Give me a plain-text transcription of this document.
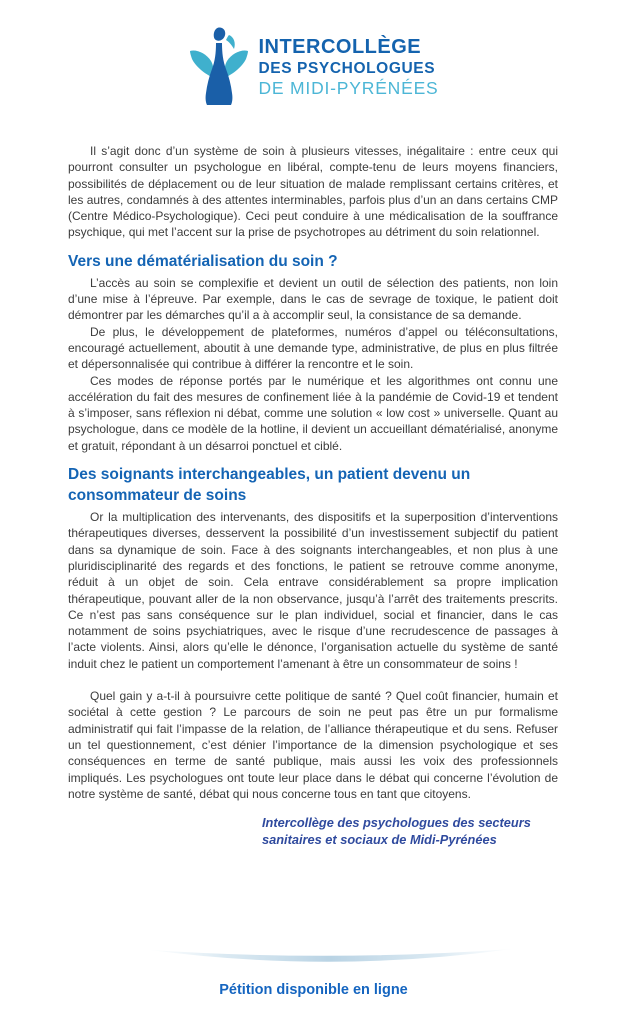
INTERCOLLÈGE
DES PSYCHOLOGUES
DE MIDI-PYRÉNÉES

Il s’agit donc d’un système de soin à plusieurs vitesses, inégalitaire : entre ceux qui pourront consulter un psychologue en libéral, compte-tenu de leurs moyens financiers, possibilités de déplacement ou de leur situation de malade remplissant certains critères, et les autres, condamnés à des attentes interminables, parfois plus d’un an dans certains CMP (Centre Médico-Psychologique). Ceci peut conduire à une médicalisation de la souffrance psychique, qui met l’accent sur la prise de psychotropes au détriment du soin relationnel.

Vers une dématérialisation du soin ?

L’accès au soin se complexifie et devient un outil de sélection des patients, non loin d’une mise à l’épreuve. Par exemple, dans le cas de sevrage de toxique, le patient doit démontrer par les démarches qu’il a à accomplir seul, la consistance de sa demande.

De plus, le développement de plateformes, numéros d’appel ou téléconsultations, encouragé actuellement, aboutit à une demande type, administrative, de plus en plus filtrée et dépersonnalisée qui contribue à différer la rencontre et le soin.

Ces modes de réponse portés par le numérique et les algorithmes ont connu une accélération du fait des mesures de confinement liée à la pandémie de Covid-19 et tendent à s’imposer, sans réflexion ni débat, comme une solution « low cost » universelle. Quant au psychologue, dans ce modèle de la hotline, il devient un accueillant dématérialisé, anonyme et gratuit, répondant à un désarroi ponctuel et ciblé.

Des soignants interchangeables, un patient devenu un consommateur de soins

Or la multiplication des intervenants, des dispositifs et la superposition d’interventions thérapeutiques diverses, desservent la possibilité d’un investissement subjectif du patient dans sa dynamique de soin. Face à des soignants interchangeables, et non plus à une pluridisciplinarité des regards et des fonctions, le patient se retrouve comme anonyme, réduit à un objet de soin. Cela entrave considérablement sa propre implication thérapeutique, pouvant aller de la non observance, jusqu’à l’arrêt des traitements prescrits. Ce n’est pas sans conséquence sur le plan individuel, social et financier, dans le cas notamment de soins psychiatriques, avec le risque d’une recrudescence de passages à l’acte violents. Ainsi, alors qu’elle le dénonce, l’organisation actuelle du système de santé induit chez le patient un comportement l’amenant à être un consommateur de soins !

Quel gain y a-t-il à poursuivre cette politique de santé ? Quel coût financier, humain et sociétal à cette gestion ? Le parcours de soin ne peut pas être un pur formalisme administratif qui fait l’impasse de la relation, de l’alliance thérapeutique et du sens. Refuser un tel questionnement, c’est dénier l’importance de la dimension psychologique et ses conséquences en terme de santé publique, mais aussi les voix des professionnels impliqués. Les psychologues ont toute leur place dans le débat qui concerne l’évolution de notre système de santé, débat qui nous concerne tous en tant que citoyens.

Intercollège des psychologues des secteurs
sanitaires et sociaux de Midi-Pyrénées
Pétition disponible en ligne
